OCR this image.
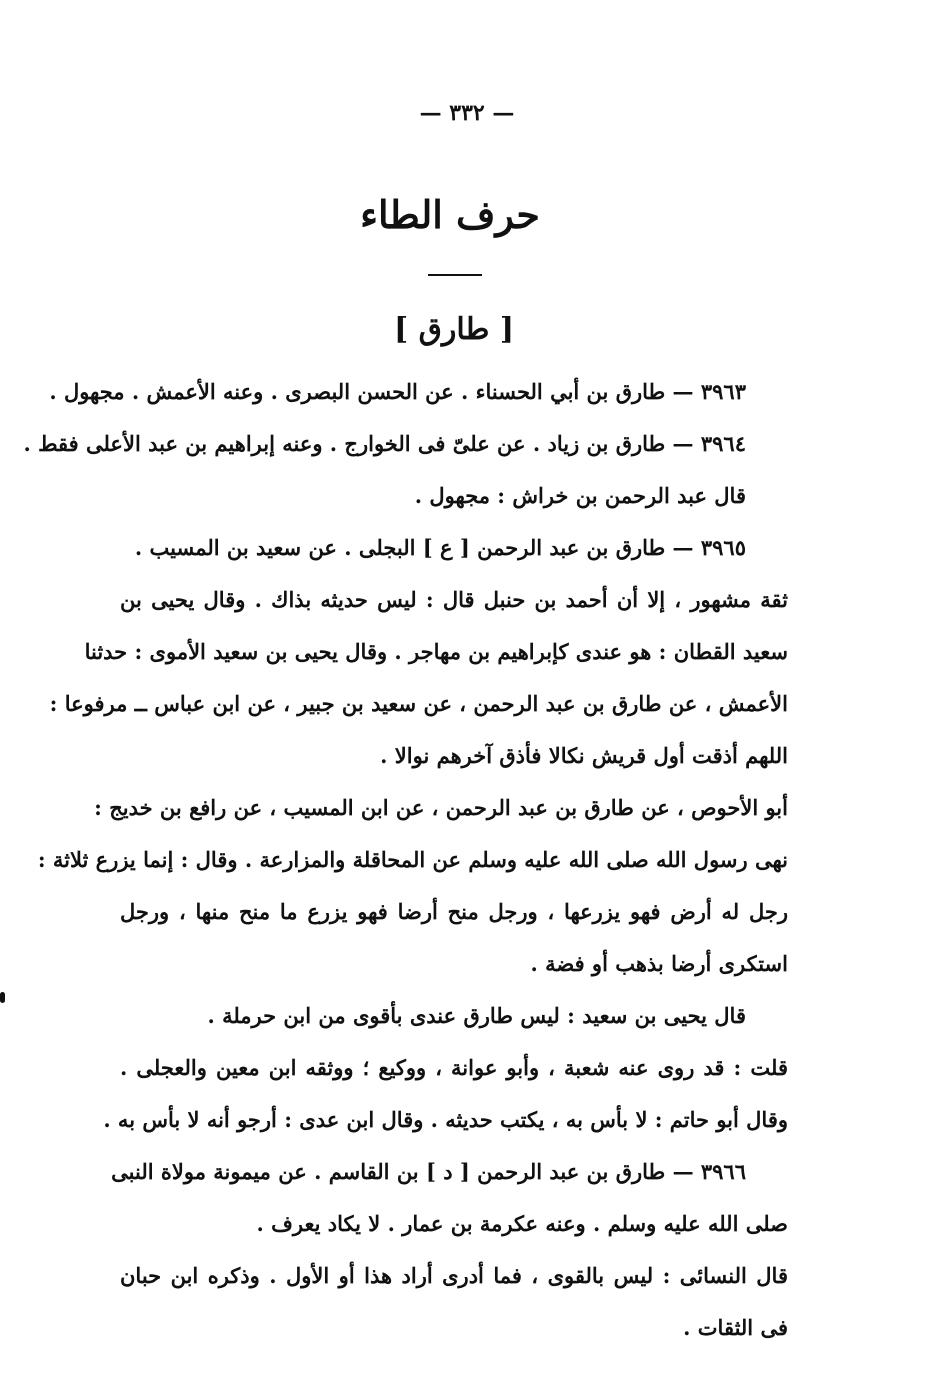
— ٣٣٢ —
حرف الطاء
[ طارق ]
٣٩٦٣ — طارق بن أبي الحسناء . عن الحسن البصرى . وعنه الأعمش . مجهول .
٣٩٦٤ — طارق بن زياد . عن علىّ فى الخوارج . وعنه إبراهيم بن عبد الأعلى فقط .
قال عبد الرحمن بن خراش : مجهول .
٣٩٦٥ — طارق بن عبد الرحمن [ ع ] البجلى . عن سعيد بن المسيب .
ثقة مشهور ، إلا أن أحمد بن حنبل قال : ليس حديثه بذاك . وقال يحيى بن
سعيد القطان : هو عندى كإبراهيم بن مهاجر . وقال يحيى بن سعيد الأموى : حدثنا
الأعمش ، عن طارق بن عبد الرحمن ، عن سعيد بن جبير ، عن ابن عباس ــ مرفوعا :
اللهم أذقت أول قريش نكالا فأذق آخرهم نوالا .
أبو الأحوص ، عن طارق بن عبد الرحمن ، عن ابن المسيب ، عن رافع بن خديج :
نهى رسول الله صلى الله عليه وسلم عن المحاقلة والمزارعة . وقال : إنما يزرع ثلاثة :
رجل له أرض فهو يزرعها ، ورجل منح أرضا فهو يزرع ما منح منها ، ورجل
استكرى أرضا بذهب أو فضة .
قال يحيى بن سعيد : ليس طارق عندى بأقوى من ابن حرملة .
قلت : قد روى عنه شعبة ، وأبو عوانة ، ووكيع ؛ ووثقه ابن معين والعجلى .
وقال أبو حاتم : لا بأس به ، يكتب حديثه . وقال ابن عدى : أرجو أنه لا بأس به .
٣٩٦٦ — طارق بن عبد الرحمن [ د ] بن القاسم . عن ميمونة مولاة النبى
صلى الله عليه وسلم . وعنه عكرمة بن عمار . لا يكاد يعرف .
قال النسائى : ليس بالقوى ، فما أدرى أراد هذا أو الأول . وذكره ابن حبان
فى الثقات .
